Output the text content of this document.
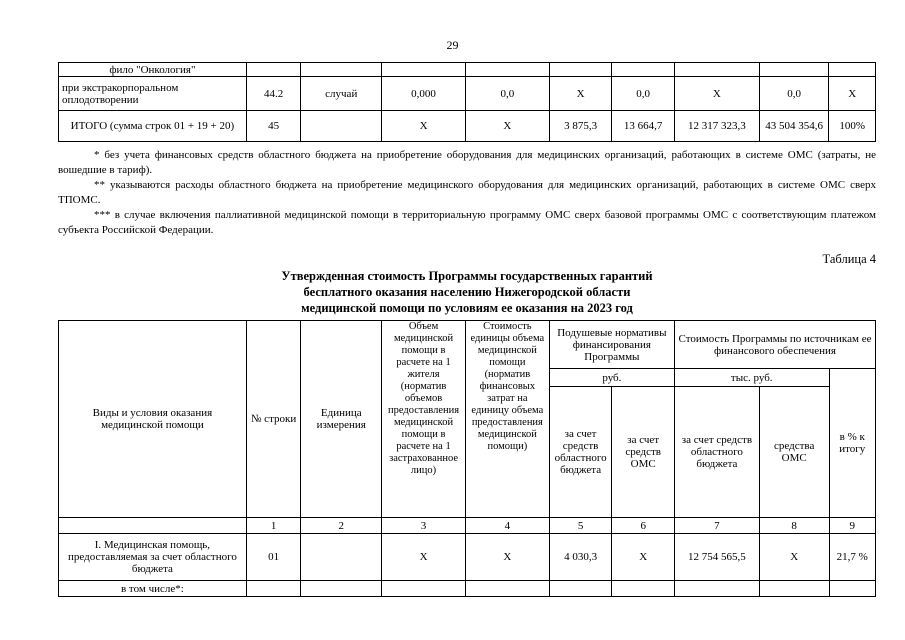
29
фило "Онкология"									
при экстракорпоральном оплодотворении	44.2	случай	0,000	0,0	X	0,0	X	0,0	X
ИТОГО (сумма строк 01 + 19 + 20)	45		X	X	3 875,3	13 664,7	12 317 323,3	43 504 354,6	100%

* без учета финансовых средств областного бюджета на приобретение оборудования для медицинских организаций, работающих в системе ОМС (затраты, не вошедшие в тариф).

** указываются расходы областного бюджета на приобретение медицинского оборудования для медицинских организаций, работающих в системе ОМС сверх ТПОМС.

*** в случае включения паллиативной медицинской помощи в территориальную программу ОМС сверх базовой программы ОМС с соответствующим платежом субъекта Российской Федерации.

Таблица 4
Утвержденная стоимость Программы государственных гарантий
бесплатного оказания населению Нижегородской области
медицинской помощи по условиям ее оказания на 2023 год
Виды и условия оказания медицинской помощи	№ строки	Единица измерения	Объем медицинской помощи в расчете на 1 жителя (норматив объемов предоставления медицинской помощи в расчете на 1 застрахованное лицо)	Стоимость единицы объема медицинской помощи (норматив финансовых затрат на единицу объема предоставления медицинской помощи)	Подушевые нормативы финансирования Программы		Стоимость Программы по источникам ее финансового обеспечения		
					руб.		тыс. руб.		в % к итогу
					за счет средств областного бюджета	за счет средств ОМС	за счет средств областного бюджета	средства ОМС	
	1	2	3	4	5	6	7	8	9
I. Медицинская помощь, предоставляемая за счет областного бюджета	01		X	X	4 030,3	X	12 754 565,5	X	21,7 %
в том числе*:									
